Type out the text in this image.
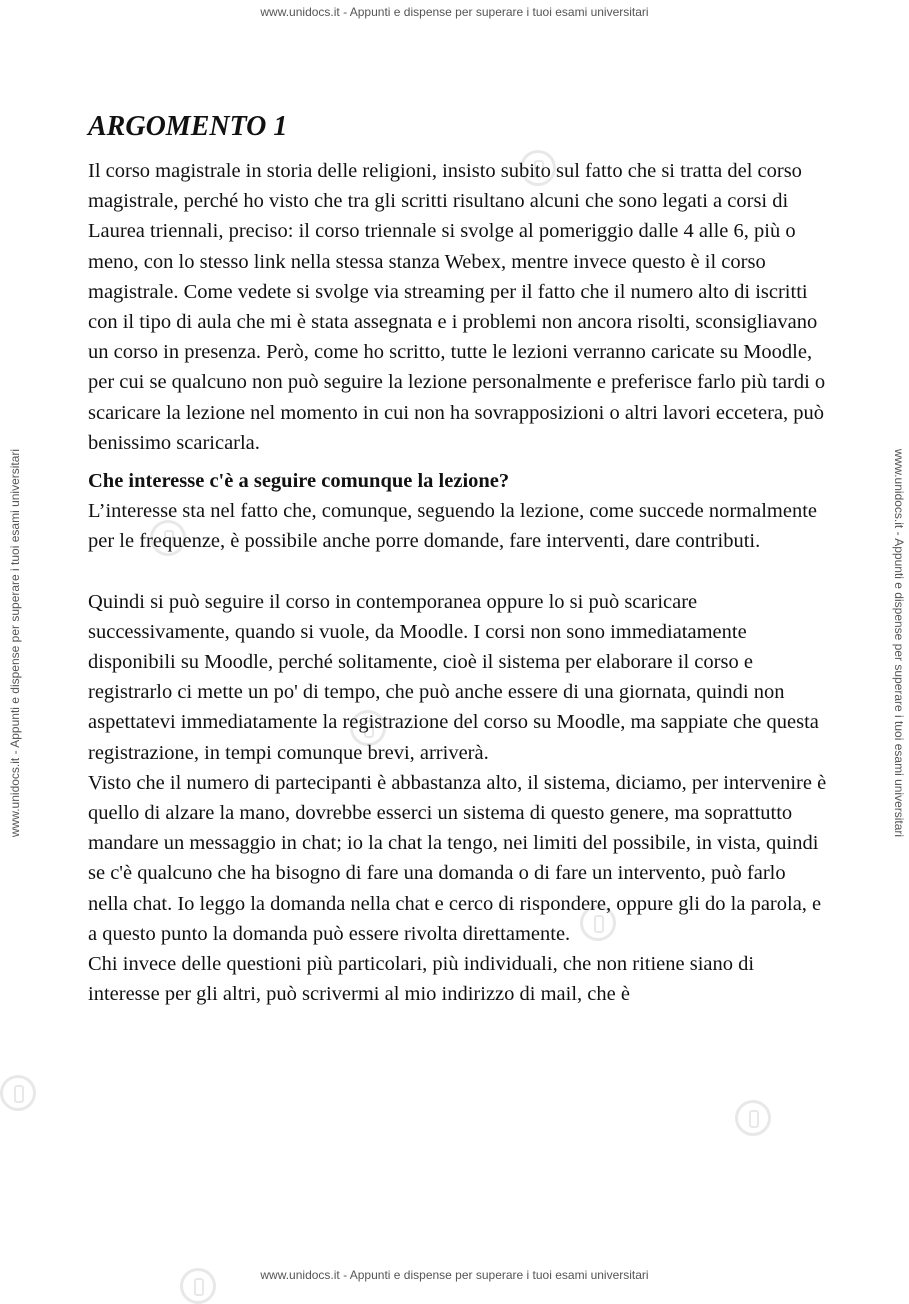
www.unidocs.it - Appunti e dispense per superare i tuoi esami universitari
www.unidocs.it - Appunti e dispense per superare i tuoi esami universitari	www.unidocs.it - Appunti e dispense per superare i tuoi esami universitari
ARGOMENTO 1

Il corso magistrale in storia delle religioni, insisto subito sul fatto che si tratta del corso magistrale, perché ho visto che tra gli scritti risultano alcuni che sono legati a corsi di Laurea triennali, preciso: il corso triennale si svolge al pomeriggio dalle 4 alle 6, più o meno, con lo stesso link nella stessa stanza Webex, mentre invece questo è il corso magistrale. Come vedete si svolge via streaming per il fatto che il numero alto di iscritti con il tipo di aula che mi è stata assegnata e i problemi non ancora risolti, sconsigliavano un corso in presenza. Però, come ho scritto, tutte le lezioni verranno caricate su Moodle, per cui se qualcuno non può seguire la lezione personalmente e preferisce farlo più tardi o scaricare la lezione nel momento in cui non ha sovrapposizioni o altri lavori eccetera, può benissimo scaricarla.

Che interesse c'è a seguire comunque la lezione?

L’interesse sta nel fatto che, comunque, seguendo la lezione, come succede normalmente per le frequenze, è possibile anche porre domande, fare interventi, dare contributi.

Quindi si può seguire il corso in contemporanea oppure lo si può scaricare successivamente, quando si vuole, da Moodle. I corsi non sono immediatamente disponibili su Moodle, perché solitamente, cioè il sistema per elaborare il corso e registrarlo ci mette un po' di tempo, che può anche essere di una giornata, quindi non aspettatevi immediatamente la registrazione del corso su Moodle, ma sappiate che questa registrazione, in tempi comunque brevi, arriverà.

Visto che il numero di partecipanti è abbastanza alto, il sistema, diciamo, per intervenire è quello di alzare la mano, dovrebbe esserci un sistema di questo genere, ma soprattutto mandare un messaggio in chat; io la chat la tengo, nei limiti del possibile, in vista, quindi se c'è qualcuno che ha bisogno di fare una domanda o di fare un intervento, può farlo nella chat. Io leggo la domanda nella chat e cerco di rispondere, oppure gli do la parola, e a questo punto la domanda può essere rivolta direttamente.

Chi invece delle questioni più particolari, più individuali, che non ritiene siano di interesse per gli altri, può scrivermi al mio indirizzo di mail, che è

www.unidocs.it - Appunti e dispense per superare i tuoi esami universitari
